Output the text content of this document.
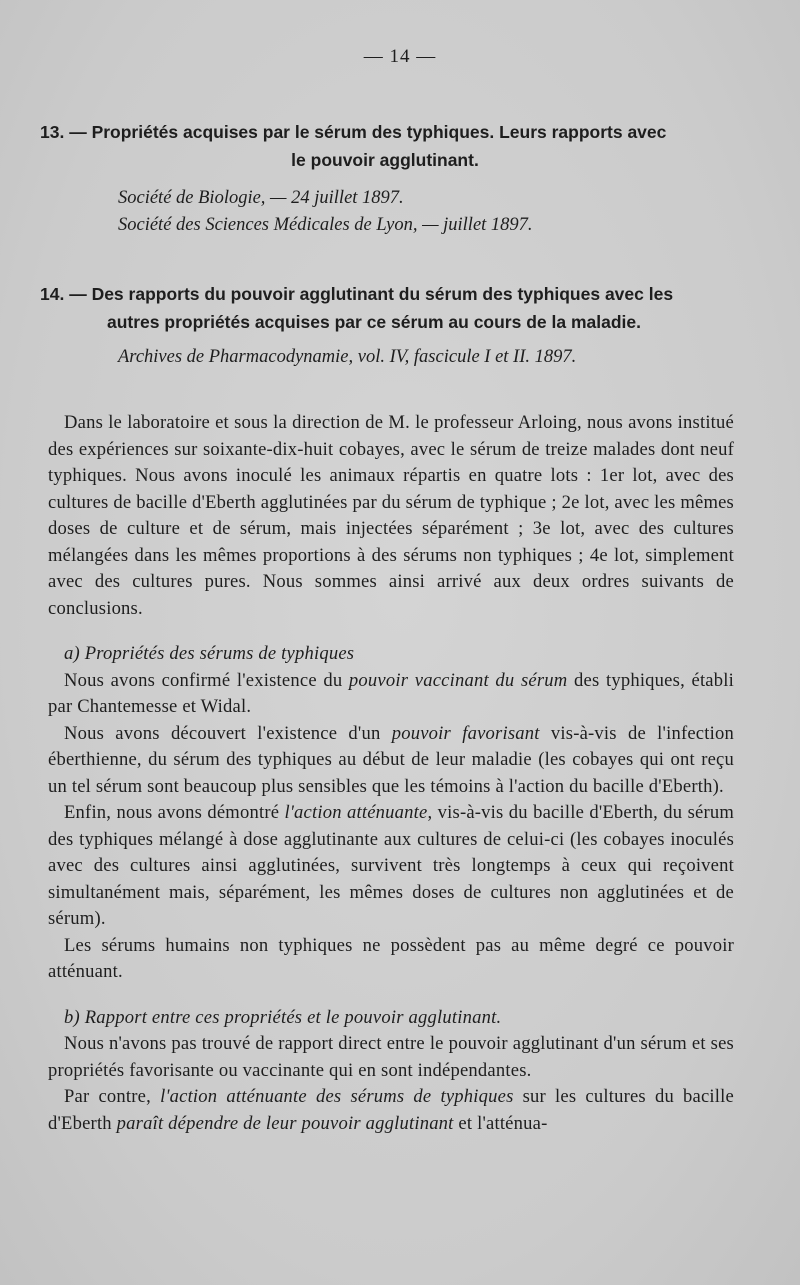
— 14 —
13. — Propriétés acquises par le sérum des typhiques. Leurs rapports avec
le pouvoir agglutinant.
Société de Biologie, — 24 juillet 1897.
Société des Sciences Médicales de Lyon, — juillet 1897.
14. — Des rapports du pouvoir agglutinant du sérum des typhiques avec les
autres propriétés acquises par ce sérum au cours de la maladie.
Archives de Pharmacodynamie, vol. IV, fascicule I et II. 1897.

Dans le laboratoire et sous la direction de M. le professeur Arloing, nous avons institué des expériences sur soixante-dix-huit cobayes, avec le sérum de treize malades dont neuf typhiques. Nous avons inoculé les animaux répartis en quatre lots : 1er lot, avec des cultures de bacille d'Eberth agglutinées par du sérum de typhique ; 2e lot, avec les mêmes doses de culture et de sérum, mais injectées séparément ; 3e lot, avec des cultures mélangées dans les mêmes proportions à des sérums non typhiques ; 4e lot, simplement avec des cultures pures. Nous sommes ainsi arrivé aux deux ordres suivants de conclusions.

a) Propriétés des sérums de typhiques

Nous avons confirmé l'existence du pouvoir vaccinant du sérum des typhiques, établi par Chantemesse et Widal.

Nous avons découvert l'existence d'un pouvoir favorisant vis-à-vis de l'infection éberthienne, du sérum des typhiques au début de leur maladie (les cobayes qui ont reçu un tel sérum sont beaucoup plus sensibles que les témoins à l'action du bacille d'Eberth).

Enfin, nous avons démontré l'action atténuante, vis-à-vis du bacille d'Eberth, du sérum des typhiques mélangé à dose agglutinante aux cultures de celui-ci (les cobayes inoculés avec des cultures ainsi agglutinées, survivent très longtemps à ceux qui reçoivent simultanément mais, séparément, les mêmes doses de cultures non agglutinées et de sérum).

Les sérums humains non typhiques ne possèdent pas au même degré ce pouvoir atténuant.

b) Rapport entre ces propriétés et le pouvoir agglutinant.

Nous n'avons pas trouvé de rapport direct entre le pouvoir agglutinant d'un sérum et ses propriétés favorisante ou vaccinante qui en sont indépendantes.

Par contre, l'action atténuante des sérums de typhiques sur les cultures du bacille d'Eberth paraît dépendre de leur pouvoir agglutinant et l'atténua-
